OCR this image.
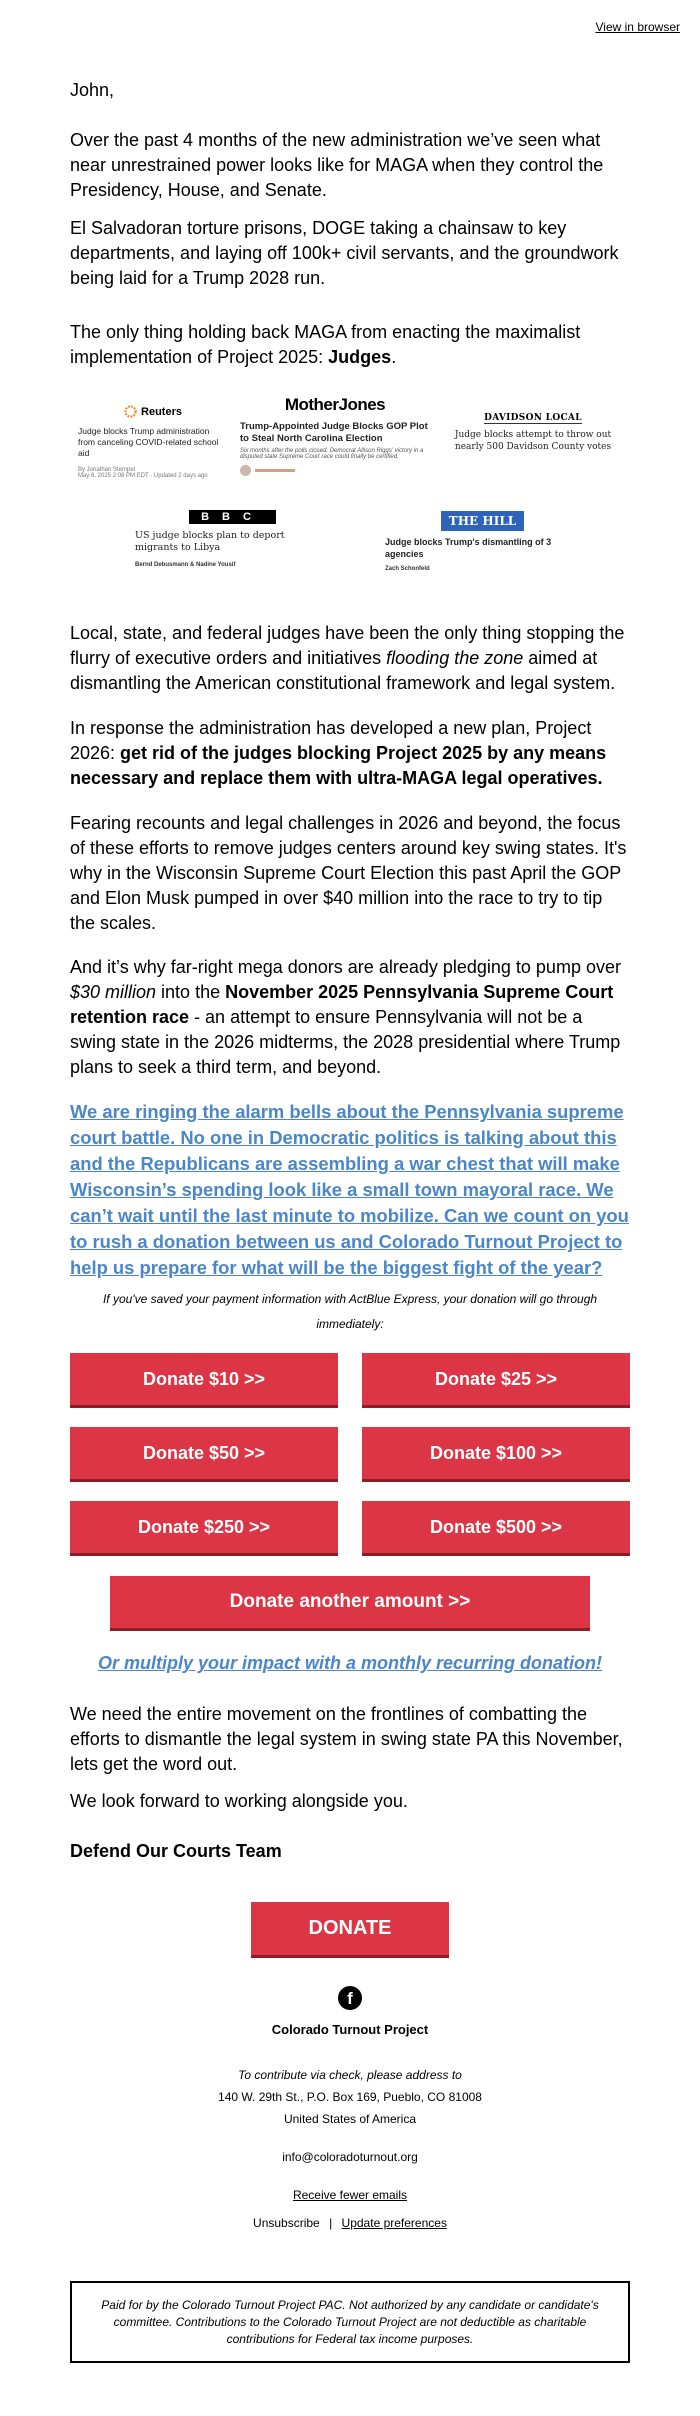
View in browser

John,

Over the past 4 months of the new administration we’ve seen what near unrestrained power looks like for MAGA when they control the Presidency, House, and Senate.

El Salvadoran torture prisons, DOGE taking a chainsaw to key departments, and laying off 100k+ civil servants, and the groundwork being laid for a Trump 2028 run.

The only thing holding back MAGA from enacting the maximalist implementation of Project 2025: Judges.

Reuters
Judge blocks Trump administration from canceling COVID-related school aid
By Jonathan Stempel
May 6, 2025 2:08 PM EDT · Updated 2 days ago
MotherJones
Trump-Appointed Judge Blocks GOP Plot to Steal North Carolina Election
Six months after the polls closed, Democrat Allison Riggs' victory in a disputed state Supreme Court race could finally be certified.
DAVIDSON LOCAL
Judge blocks attempt to throw out nearly 500 Davidson County votes
BBC
US judge blocks plan to deport migrants to Libya
Bernd Debusmann & Nadine Yousif
THE HILL
Judge blocks Trump's dismantling of 3 agencies
Zach Schonfeld

Local, state, and federal judges have been the only thing stopping the flurry of executive orders and initiatives flooding the zone aimed at dismantling the American constitutional framework and legal system.

In response the administration has developed a new plan, Project 2026: get rid of the judges blocking Project 2025 by any means necessary and replace them with ultra-MAGA legal operatives.

Fearing recounts and legal challenges in 2026 and beyond, the focus of these efforts to remove judges centers around key swing states. It's why in the Wisconsin Supreme Court Election this past April the GOP and Elon Musk pumped in over $40 million into the race to try to tip the scales.

And it’s why far-right mega donors are already pledging to pump over $30 million into the November 2025 Pennsylvania Supreme Court retention race - an attempt to ensure Pennsylvania will not be a swing state in the 2026 midterms, the 2028 presidential where Trump plans to seek a third term, and beyond.

We are ringing the alarm bells about the Pennsylvania supreme court battle. No one in Democratic politics is talking about this and the Republicans are assembling a war chest that will make Wisconsin’s spending look like a small town mayoral race. We can’t wait until the last minute to mobilize. Can we count on you to rush a donation between us and Colorado Turnout Project to help us prepare for what will be the biggest fight of the year?

If you've saved your payment information with ActBlue Express, your donation will go through immediately:
Donate $10 >>	Donate $25 >>
Donate $50 >>	Donate $100 >>
Donate $250 >>	Donate $500 >>
Donate another amount >>
Or multiply your impact with a monthly recurring donation!

We need the entire movement on the frontlines of combatting the efforts to dismantle the legal system in swing state PA this November, lets get the word out.

We look forward to working alongside you.

Defend Our Courts Team

DONATE
f
Colorado Turnout Project
To contribute via check, please address to
140 W. 29th St., P.O. Box 169, Pueblo, CO 81008
United States of America
info@coloradoturnout.org
Receive fewer emails
Unsubscribe | Update preferences
Paid for by the Colorado Turnout Project PAC. Not authorized by any candidate or candidate's committee. Contributions to the Colorado Turnout Project are not deductible as charitable contributions for Federal tax income purposes.
